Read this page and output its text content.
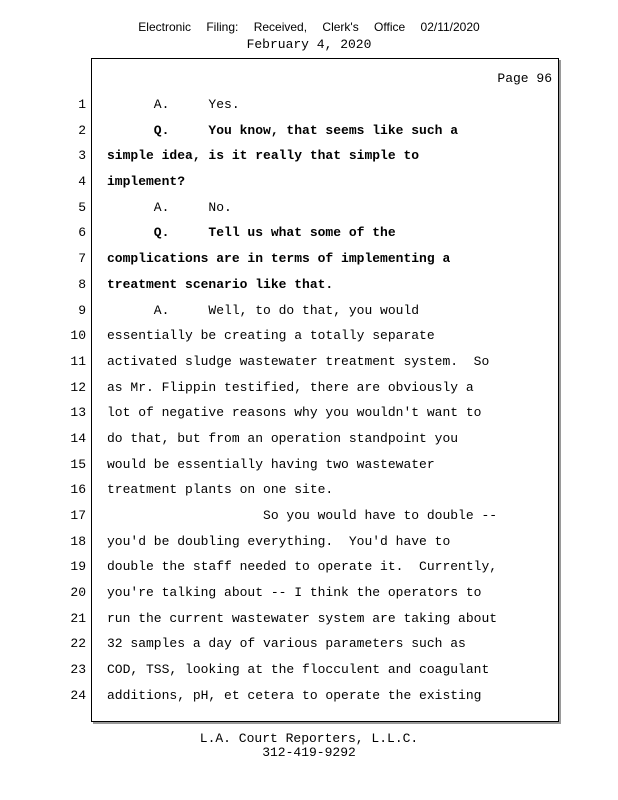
Electronic Filing: Received, Clerk's Office 02/11/2020
February 4, 2020
Page 96
1
2
3
4
5
6
7
8
9
10
11
12
13
14
15
16
17
18
19
20
21
22
23
24
A.     Yes.
Q.     You know, that seems like such a
simple idea, is it really that simple to
implement?
A.     No.
Q.     Tell us what some of the
complications are in terms of implementing a
treatment scenario like that.
A.     Well, to do that, you would
essentially be creating a totally separate
activated sludge wastewater treatment system.  So
as Mr. Flippin testified, there are obviously a
lot of negative reasons why you wouldn't want to
do that, but from an operation standpoint you
would be essentially having two wastewater
treatment plants on one site.
So you would have to double --
you'd be doubling everything.  You'd have to
double the staff needed to operate it.  Currently,
you're talking about -- I think the operators to
run the current wastewater system are taking about
32 samples a day of various parameters such as
COD, TSS, looking at the flocculent and coagulant
additions, pH, et cetera to operate the existing
L.A. Court Reporters, L.L.C.
312-419-9292
